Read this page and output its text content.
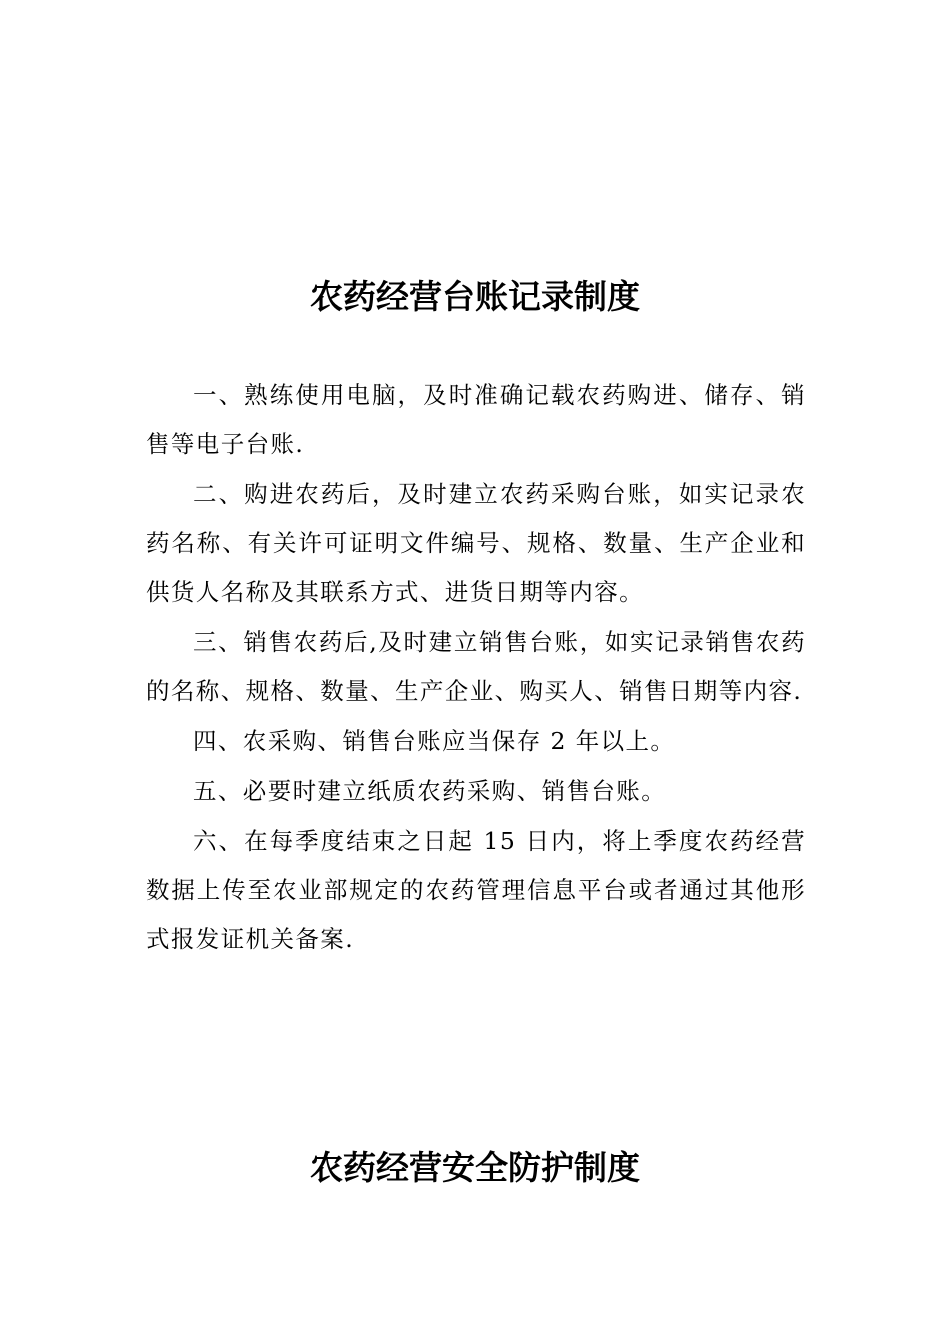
农药经营台账记录制度

一、熟练使用电脑，及时准确记载农药购进、储存、销售等电子台账.

二、购进农药后，及时建立农药采购台账，如实记录农药名称、有关许可证明文件编号、规格、数量、生产企业和供货人名称及其联系方式、进货日期等内容。

三、销售农药后,及时建立销售台账，如实记录销售农药的名称、规格、数量、生产企业、购买人、销售日期等内容.

四、农采购、销售台账应当保存 2 年以上。

五、必要时建立纸质农药采购、销售台账。

六、在每季度结束之日起 15 日内，将上季度农药经营数据上传至农业部规定的农药管理信息平台或者通过其他形式报发证机关备案.

农药经营安全防护制度
